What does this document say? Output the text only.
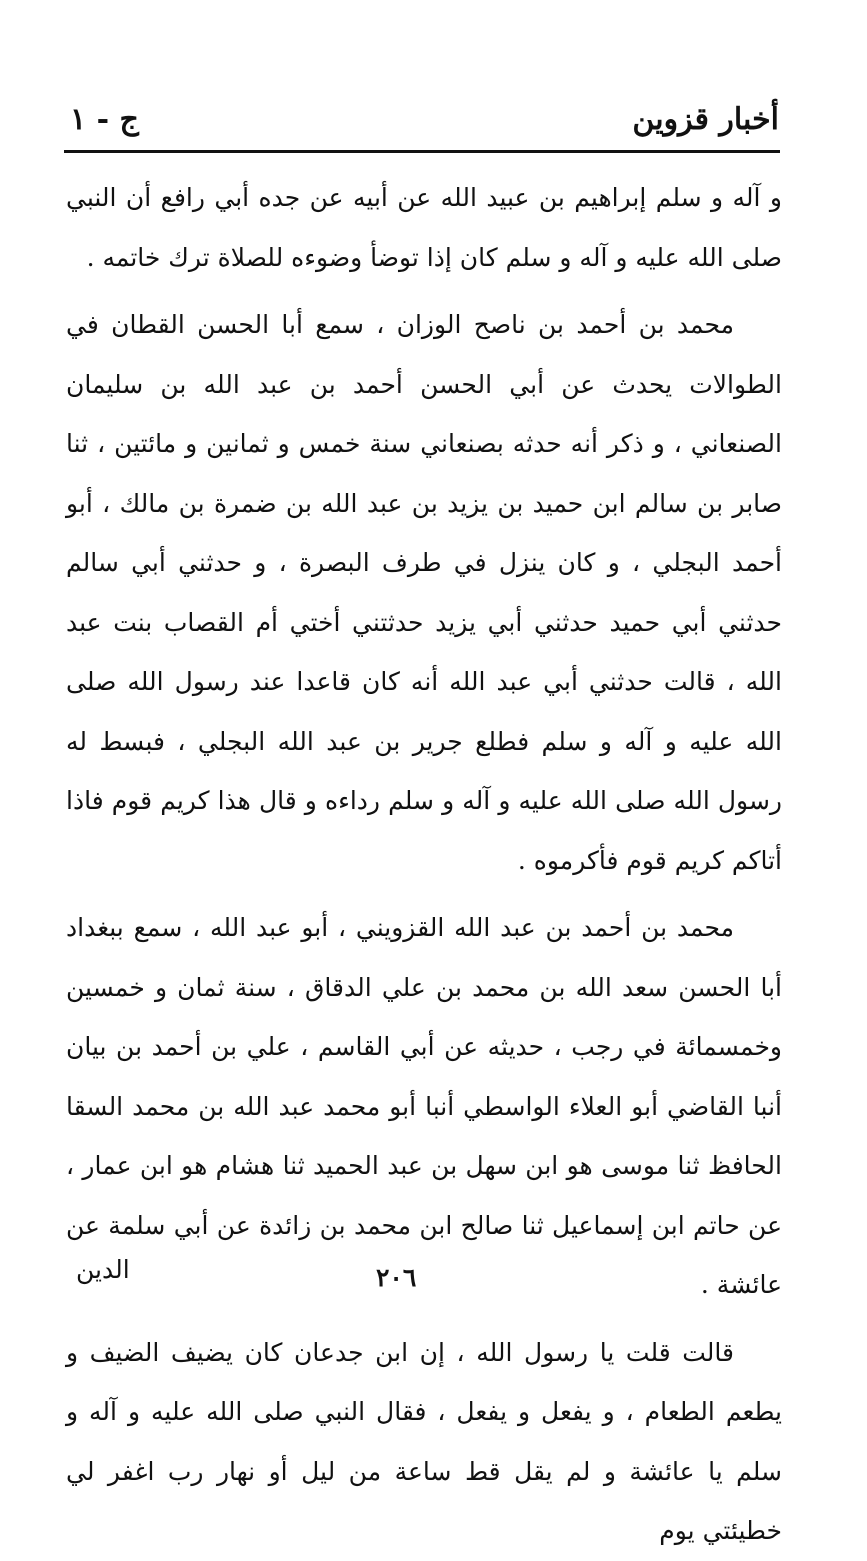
أخبار قزوين
ج - ١

و آله و سلم إبراهيم بن عبيد الله عن أبيه عن جده أبي رافع أن النبي صلى الله عليه و آله و سلم كان إذا توضأ وضوءه للصلاة ترك خاتمه .

محمد بن أحمد بن ناصح الوزان ، سمع أبا الحسن القطان في الطوالات يحدث عن أبي الحسن أحمد بن عبد الله بن سليمان الصنعاني ، و ذكر أنه حدثه بصنعاني سنة خمس و ثمانين و مائتين ، ثنا صابر بن سالم ابن حميد بن يزيد بن عبد الله بن ضمرة بن مالك ، أبو أحمد البجلي ، و كان ينزل في طرف البصرة ، و حدثني أبي سالم حدثني أبي حميد حدثني أبي يزيد حدثتني أختي أم القصاب بنت عبد الله ، قالت حدثني أبي عبد الله أنه كان قاعدا عند رسول الله صلى الله عليه و آله و سلم فطلع جرير بن عبد الله البجلي ، فبسط له رسول الله صلى الله عليه و آله و سلم رداءه و قال هذا كريم قوم فاذا أتاكم كريم قوم فأكرموه .

محمد بن أحمد بن عبد الله القزويني ، أبو عبد الله ، سمع ببغداد أبا الحسن سعد الله بن محمد بن علي الدقاق ، سنة ثمان و خمسين وخمسمائة في رجب ، حديثه عن أبي القاسم ، علي بن أحمد بن بيان أنبا القاضي أبو العلاء الواسطي أنبا أبو محمد عبد الله بن محمد السقا الحافظ ثنا موسى هو ابن سهل بن عبد الحميد ثنا هشام هو ابن عمار ، عن حاتم ابن إسماعيل ثنا صالح ابن محمد بن زائدة عن أبي سلمة عن عائشة .

قالت قلت يا رسول الله ، إن ابن جدعان كان يضيف الضيف و يطعم الطعام ، و يفعل و يفعل ، فقال النبي صلى الله عليه و آله و سلم يا عائشة و لم يقل قط ساعة من ليل أو نهار رب اغفر لي خطيئتي يوم

الدين	٢٠٦
